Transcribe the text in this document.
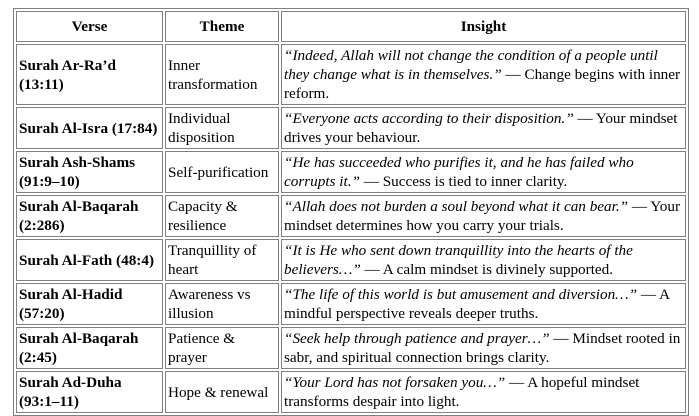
Verse	Theme	Insight
Surah Ar-Ra’d (13:11)	Inner transformation	“Indeed, Allah will not change the condition of a people until they change what is in themselves.” — Change begins with inner reform.
Surah Al-Isra (17:84)	Individual disposition	“Everyone acts according to their disposition.” — Your mindset drives your behaviour.
Surah Ash-Shams (91:9–10)	Self-purification	“He has succeeded who purifies it, and he has failed who corrupts it.” — Success is tied to inner clarity.
Surah Al-Baqarah (2:286)	Capacity & resilience	“Allah does not burden a soul beyond what it can bear.” — Your mindset determines how you carry your trials.
Surah Al-Fath (48:4)	Tranquillity of heart	“It is He who sent down tranquillity into the hearts of the believers…” — A calm mindset is divinely supported.
Surah Al-Hadid (57:20)	Awareness vs illusion	“The life of this world is but amusement and diversion…” — A mindful perspective reveals deeper truths.
Surah Al-Baqarah (2:45)	Patience & prayer	“Seek help through patience and prayer…” — Mindset rooted in sabr, and spiritual connection brings clarity.
Surah Ad-Duha (93:1–11)	Hope & renewal	“Your Lord has not forsaken you…” — A hopeful mindset transforms despair into light.
